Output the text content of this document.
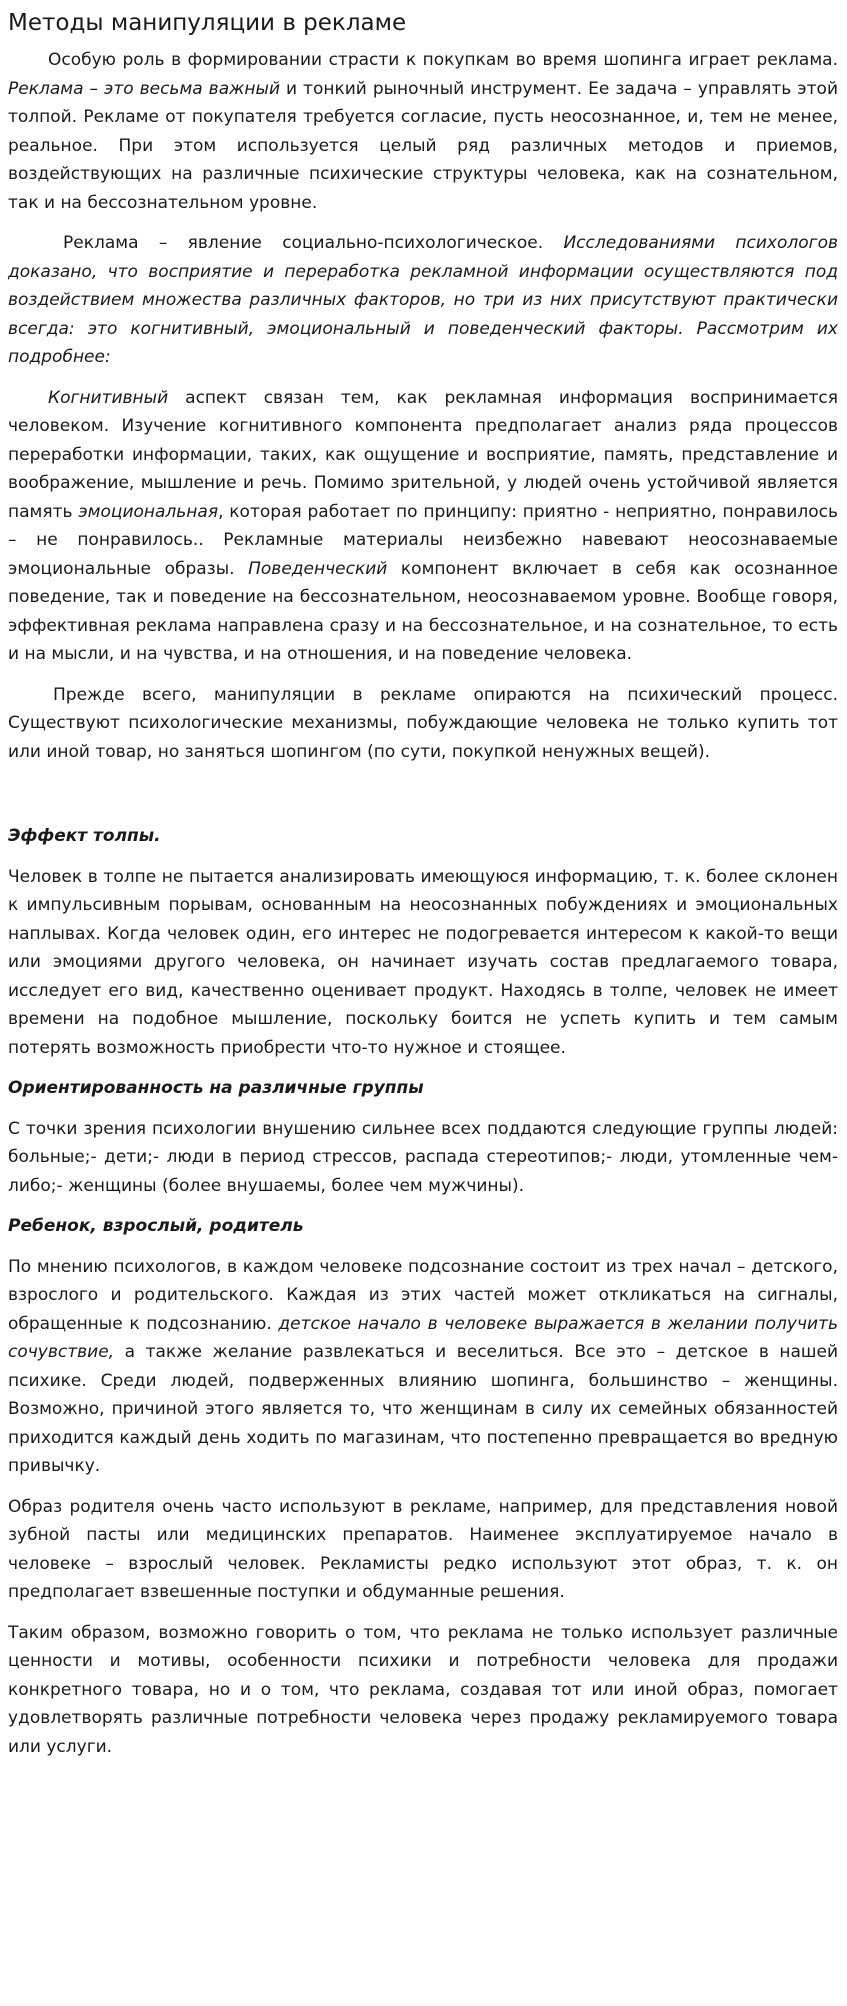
Методы манипуляции в рекламе

Особую роль в формировании страсти к покупкам во время шопинга играет реклама. Реклама – это весьма важный и тонкий рыночный инструмент. Ее задача – управлять этой толпой. Рекламе от покупателя требуется согласие, пусть неосознанное, и, тем не менее, реальное. При этом используется целый ряд различных методов и приемов, воздействующих на различные психические структуры человека, как на сознательном, так и на бессознательном уровне.

Реклама – явление социально-психологическое. Исследованиями психологов доказано, что восприятие и переработка рекламной информации осуществляются под воздействием множества различных факторов, но три из них присутствуют практически всегда: это когнитивный, эмоциональный и поведенческий факторы. Рассмотрим их подробнее:

Когнитивный аспект связан тем, как рекламная информация воспринимается человеком. Изучение когнитивного компонента предполагает анализ ряда процессов переработки информации, таких, как ощущение и восприятие, память, представление и воображение, мышление и речь. Помимо зрительной, у людей очень устойчивой является память эмоциональная, которая работает по принципу: приятно - неприятно, понравилось – не понравилось.. Рекламные материалы неизбежно навевают неосознаваемые эмоциональные образы. Поведенческий компонент включает в себя как осознанное поведение, так и поведение на бессознательном, неосознаваемом уровне. Вообще говоря, эффективная реклама направлена сразу и на бессознательное, и на сознательное, то есть и на мысли, и на чувства, и на отношения, и на поведение человека.

Прежде всего, манипуляции в рекламе опираются на психический процесс. Существуют психологические механизмы, побуждающие человека не только купить тот или иной товар, но заняться шопингом (по сути, покупкой ненужных вещей).

Эффект толпы.

Человек в толпе не пытается анализировать имеющуюся информацию, т. к. более склонен к импульсивным порывам, основанным на неосознанных побуждениях и эмоциональных наплывах. Когда человек один, его интерес не подогревается интересом к какой-то вещи или эмоциями другого человека, он начинает изучать состав предлагаемого товара, исследует его вид, качественно оценивает продукт. Находясь в толпе, человек не имеет времени на подобное мышление, поскольку боится не успеть купить и тем самым потерять возможность приобрести что-то нужное и стоящее.

Ориентированность на различные группы

С точки зрения психологии внушению сильнее всех поддаются следующие группы людей: больные;- дети;- люди в период стрессов, распада стереотипов;- люди, утомленные чем-либо;- женщины (более внушаемы, более чем мужчины).

Ребенок, взрослый, родитель

По мнению психологов, в каждом человеке подсознание состоит из трех начал – детского, взрослого и родительского. Каждая из этих частей может откликаться на сигналы, обращенные к подсознанию. детское начало в человеке выражается в желании получить сочувствие, а также желание развлекаться и веселиться. Все это – детское в нашей психике. Среди людей, подверженных влиянию шопинга, большинство – женщины. Возможно, причиной этого является то, что женщинам в силу их семейных обязанностей приходится каждый день ходить по магазинам, что постепенно превращается во вредную привычку.

Образ родителя очень часто используют в рекламе, например, для представления новой зубной пасты или медицинских препаратов. Наименее эксплуатируемое начало в человеке – взрослый человек. Рекламисты редко используют этот образ, т. к. он предполагает взвешенные поступки и обдуманные решения.

Таким образом, возможно говорить о том, что реклама не только использует различные ценности и мотивы, особенности психики и потребности человека для продажи конкретного товара, но и о том, что реклама, создавая тот или иной образ, помогает удовлетворять различные потребности человека через продажу рекламируемого товара или услуги.
